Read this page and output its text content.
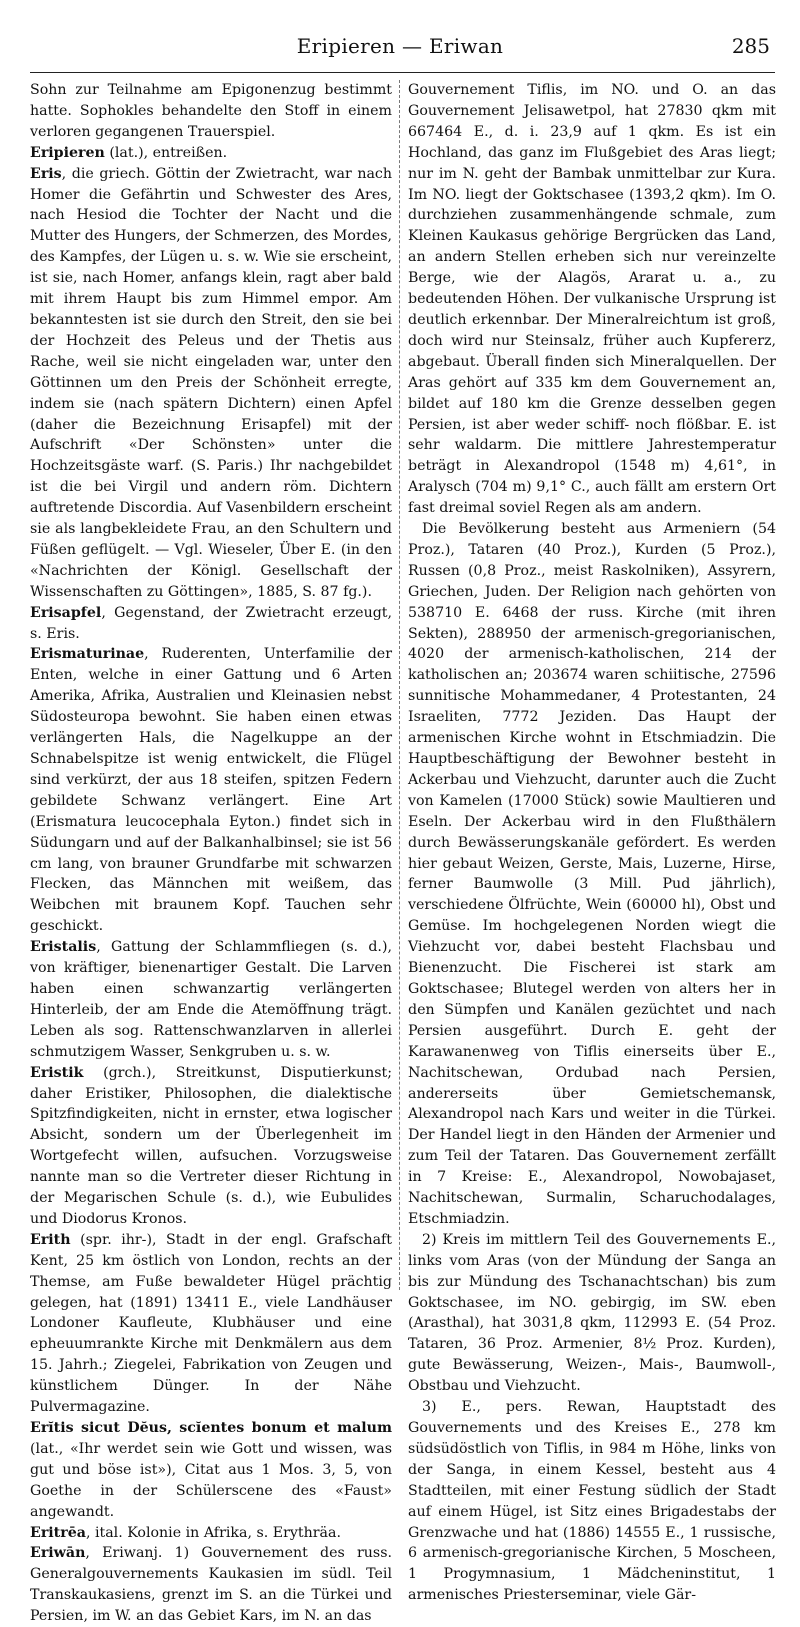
Eripieren — Eriwan	285

Sohn zur Teilnahme am Epigonenzug bestimmt hatte. Sophokles behandelte den Stoff in einem verloren gegangenen Trauerspiel.

Eripieren (lat.), entreißen.

Eris, die griech. Göttin der Zwietracht, war nach Homer die Gefährtin und Schwester des Ares, nach Hesiod die Tochter der Nacht und die Mutter des Hungers, der Schmerzen, des Mordes, des Kampfes, der Lügen u. s. w. Wie sie erscheint, ist sie, nach Homer, anfangs klein, ragt aber bald mit ihrem Haupt bis zum Himmel empor. Am bekanntesten ist sie durch den Streit, den sie bei der Hochzeit des Peleus und der Thetis aus Rache, weil sie nicht eingeladen war, unter den Göttinnen um den Preis der Schönheit erregte, indem sie (nach spätern Dichtern) einen Apfel (daher die Bezeichnung Erisapfel) mit der Aufschrift «Der Schönsten» unter die Hochzeitsgäste warf. (S. Paris.) Ihr nachgebildet ist die bei Virgil und andern röm. Dichtern auftretende Discordia. Auf Vasenbildern erscheint sie als langbekleidete Frau, an den Schultern und Füßen geflügelt. — Vgl. Wieseler, Über E. (in den «Nachrichten der Königl. Gesellschaft der Wissenschaften zu Göttingen», 1885, S. 87 fg.).

Erisapfel, Gegenstand, der Zwietracht erzeugt, s. Eris.

Erismaturinae, Ruderenten, Unterfamilie der Enten, welche in einer Gattung und 6 Arten Amerika, Afrika, Australien und Kleinasien nebst Südosteuropa bewohnt. Sie haben einen etwas verlängerten Hals, die Nagelkuppe an der Schnabelspitze ist wenig entwickelt, die Flügel sind verkürzt, der aus 18 steifen, spitzen Federn gebildete Schwanz verlängert. Eine Art (Erismatura leucocephala Eyton.) findet sich in Südungarn und auf der Balkanhalbinsel; sie ist 56 cm lang, von brauner Grundfarbe mit schwarzen Flecken, das Männchen mit weißem, das Weibchen mit braunem Kopf. Tauchen sehr geschickt.

Eristalis, Gattung der Schlammfliegen (s. d.), von kräftiger, bienenartiger Gestalt. Die Larven haben einen schwanzartig verlängerten Hinterleib, der am Ende die Atemöffnung trägt. Leben als sog. Rattenschwanzlarven in allerlei schmutzigem Wasser, Senkgruben u. s. w.

Eristik (grch.), Streitkunst, Disputierkunst; daher Eristiker, Philosophen, die dialektische Spitzfindigkeiten, nicht in ernster, etwa logischer Absicht, sondern um der Überlegenheit im Wortgefecht willen, aufsuchen. Vorzugsweise nannte man so die Vertreter dieser Richtung in der Megarischen Schule (s. d.), wie Eubulides und Diodorus Kronos.

Erith (spr. ihr-), Stadt in der engl. Grafschaft Kent, 25 km östlich von London, rechts an der Themse, am Fuße bewaldeter Hügel prächtig gelegen, hat (1891) 13411 E., viele Landhäuser Londoner Kaufleute, Klubhäuser und eine epheuumrankte Kirche mit Denkmälern aus dem 15. Jahrh.; Ziegelei, Fabrikation von Zeugen und künstlichem Dünger. In der Nähe Pulvermagazine.

Erĭtis sicut Dĕus, scĭentes bonum et malum (lat., «Ihr werdet sein wie Gott und wissen, was gut und böse ist»), Citat aus 1 Mos. 3, 5, von Goethe in der Schülerscene des «Faust» angewandt.

Eritrēa, ital. Kolonie in Afrika, s. Erythräa.

Eriwān, Eriwanj. 1) Gouvernement des russ. Generalgouvernements Kaukasien im südl. Teil Transkaukasiens, grenzt im S. an die Türkei und Persien, im W. an das Gebiet Kars, im N. an das

Gouvernement Tiflis, im NO. und O. an das Gouvernement Jelisawetpol, hat 27830 qkm mit 667464 E., d. i. 23,9 auf 1 qkm. Es ist ein Hochland, das ganz im Flußgebiet des Aras liegt; nur im N. geht der Bambak unmittelbar zur Kura. Im NO. liegt der Goktschasee (1393,2 qkm). Im O. durchziehen zusammenhängende schmale, zum Kleinen Kaukasus gehörige Bergrücken das Land, an andern Stellen erheben sich nur vereinzelte Berge, wie der Alagös, Ararat u. a., zu bedeutenden Höhen. Der vulkanische Ursprung ist deutlich erkennbar. Der Mineralreichtum ist groß, doch wird nur Steinsalz, früher auch Kupfererz, abgebaut. Überall finden sich Mineralquellen. Der Aras gehört auf 335 km dem Gouvernement an, bildet auf 180 km die Grenze desselben gegen Persien, ist aber weder schiff- noch flößbar. E. ist sehr waldarm. Die mittlere Jahrestemperatur beträgt in Alexandropol (1548 m) 4,61°, in Aralysch (704 m) 9,1° C., auch fällt am erstern Ort fast dreimal soviel Regen als am andern.

Die Bevölkerung besteht aus Armeniern (54 Proz.), Tataren (40 Proz.), Kurden (5 Proz.), Russen (0,8 Proz., meist Raskolniken), Assyrern, Griechen, Juden. Der Religion nach gehörten von 538710 E. 6468 der russ. Kirche (mit ihren Sekten), 288950 der armenisch-gregorianischen, 4020 der armenisch-katholischen, 214 der katholischen an; 203674 waren schiitische, 27596 sunnitische Mohammedaner, 4 Protestanten, 24 Israeliten, 7772 Jeziden. Das Haupt der armenischen Kirche wohnt in Etschmiadzin. Die Hauptbeschäftigung der Bewohner besteht in Ackerbau und Viehzucht, darunter auch die Zucht von Kamelen (17000 Stück) sowie Maultieren und Eseln. Der Ackerbau wird in den Flußthälern durch Bewässerungskanäle gefördert. Es werden hier gebaut Weizen, Gerste, Mais, Luzerne, Hirse, ferner Baumwolle (3 Mill. Pud jährlich), verschiedene Ölfrüchte, Wein (60000 hl), Obst und Gemüse. Im hochgelegenen Norden wiegt die Viehzucht vor, dabei besteht Flachsbau und Bienenzucht. Die Fischerei ist stark am Goktschasee; Blutegel werden von alters her in den Sümpfen und Kanälen gezüchtet und nach Persien ausgeführt. Durch E. geht der Karawanenweg von Tiflis einerseits über E., Nachitschewan, Ordubad nach Persien, andererseits über Gemietschemansk, Alexandropol nach Kars und weiter in die Türkei. Der Handel liegt in den Händen der Armenier und zum Teil der Tataren. Das Gouvernement zerfällt in 7 Kreise: E., Alexandropol, Nowobajaset, Nachitschewan, Surmalin, Scharuchodalages, Etschmiadzin.

2) Kreis im mittlern Teil des Gouvernements E., links vom Aras (von der Mündung der Sanga an bis zur Mündung des Tschanachtschan) bis zum Goktschasee, im NO. gebirgig, im SW. eben (Arasthal), hat 3031,8 qkm, 112993 E. (54 Proz. Tataren, 36 Proz. Armenier, 8½ Proz. Kurden), gute Bewässerung, Weizen-, Mais-, Baumwoll-, Obstbau und Viehzucht.

3) E., pers. Rewan, Hauptstadt des Gouvernements und des Kreises E., 278 km südsüdöstlich von Tiflis, in 984 m Höhe, links von der Sanga, in einem Kessel, besteht aus 4 Stadtteilen, mit einer Festung südlich der Stadt auf einem Hügel, ist Sitz eines Brigadestabs der Grenzwache und hat (1886) 14555 E., 1 russische, 6 armenisch-gregorianische Kirchen, 5 Moscheen, 1 Progymnasium, 1 Mädcheninstitut, 1 armenisches Priesterseminar, viele Gär-
